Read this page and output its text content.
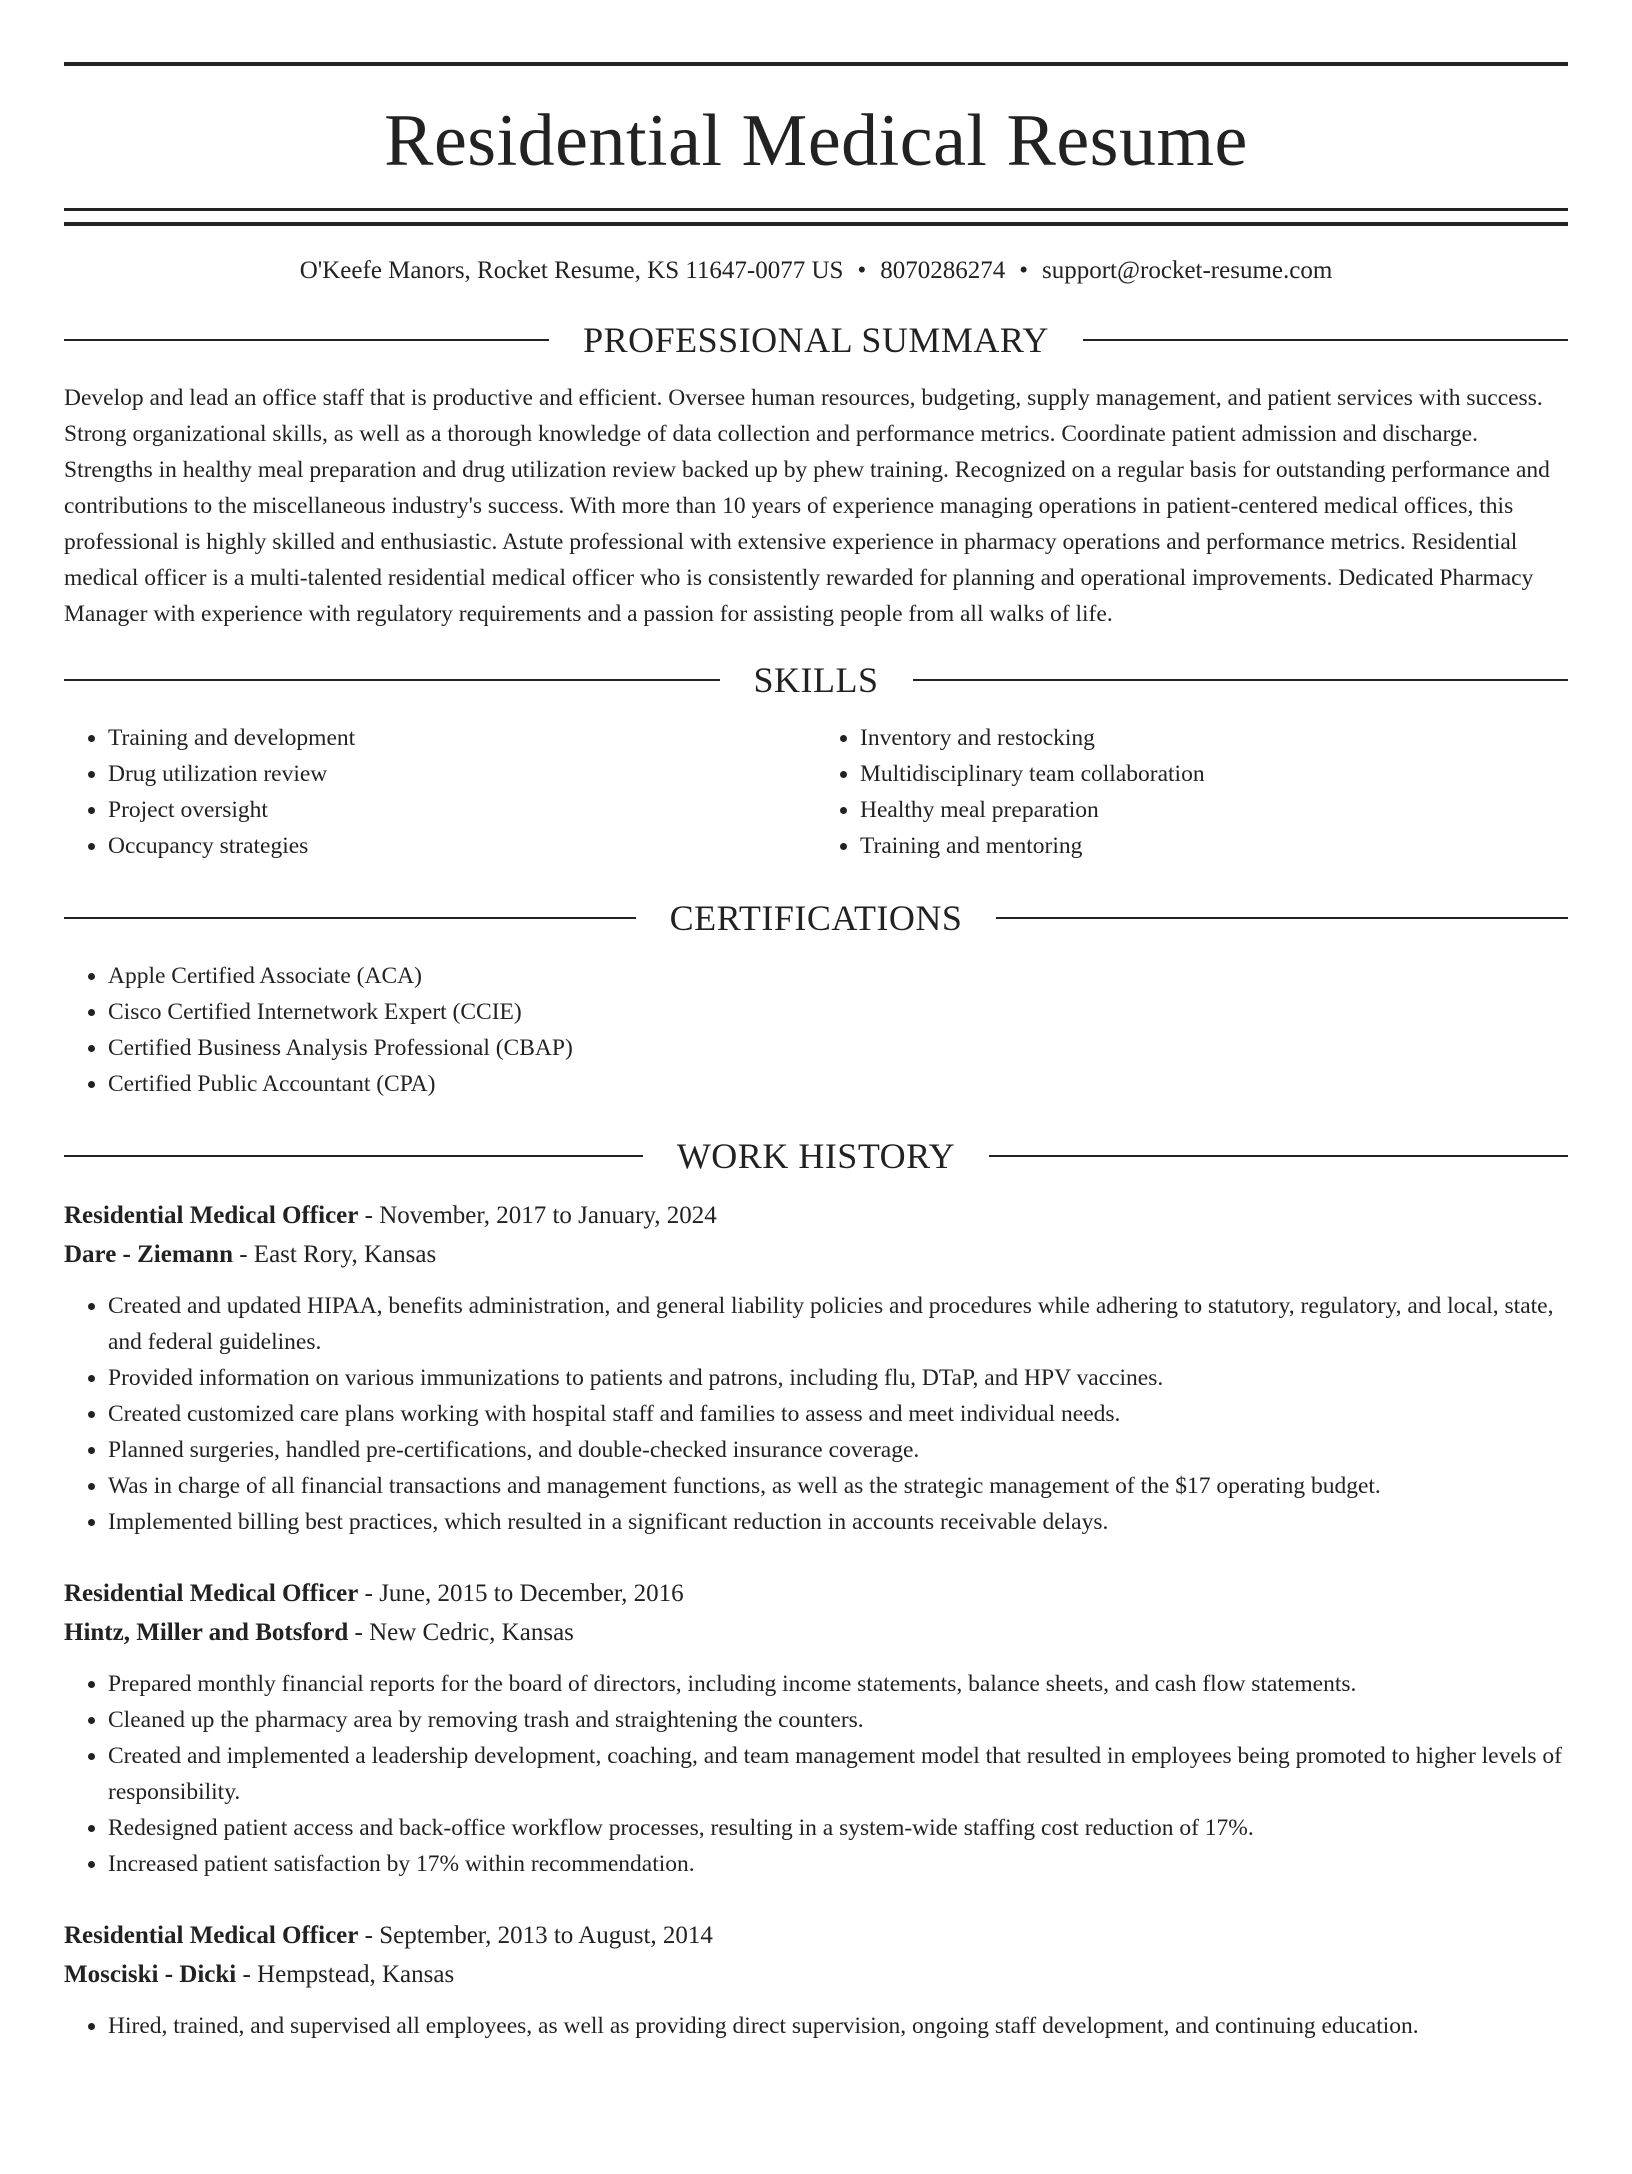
Residential Medical Resume
O'Keefe Manors, Rocket Resume, KS 11647-0077 US • 8070286274 • support@rocket-resume.com
PROFESSIONAL SUMMARY

Develop and lead an office staff that is productive and efficient. Oversee human resources, budgeting, supply management, and patient services with success. Strong organizational skills, as well as a thorough knowledge of data collection and performance metrics. Coordinate patient admission and discharge. Strengths in healthy meal preparation and drug utilization review backed up by phew training. Recognized on a regular basis for outstanding performance and contributions to the miscellaneous industry's success. With more than 10 years of experience managing operations in patient-centered medical offices, this professional is highly skilled and enthusiastic. Astute professional with extensive experience in pharmacy operations and performance metrics. Residential medical officer is a multi-talented residential medical officer who is consistently rewarded for planning and operational improvements. Dedicated Pharmacy Manager with experience with regulatory requirements and a passion for assisting people from all walks of life.

SKILLS
• Training and development
• Drug utilization review
• Project oversight
• Occupancy strategies
• Inventory and restocking
• Multidisciplinary team collaboration
• Healthy meal preparation
• Training and mentoring
CERTIFICATIONS
• Apple Certified Associate (ACA)
• Cisco Certified Internetwork Expert (CCIE)
• Certified Business Analysis Professional (CBAP)
• Certified Public Accountant (CPA)
WORK HISTORY
Residential Medical Officer - November, 2017 to January, 2024
Dare - Ziemann - East Rory, Kansas
• Created and updated HIPAA, benefits administration, and general liability policies and procedures while adhering to statutory, regulatory, and local, state, and federal guidelines.
• Provided information on various immunizations to patients and patrons, including flu, DTaP, and HPV vaccines.
• Created customized care plans working with hospital staff and families to assess and meet individual needs.
• Planned surgeries, handled pre-certifications, and double-checked insurance coverage.
• Was in charge of all financial transactions and management functions, as well as the strategic management of the $17 operating budget.
• Implemented billing best practices, which resulted in a significant reduction in accounts receivable delays.
Residential Medical Officer - June, 2015 to December, 2016
Hintz, Miller and Botsford - New Cedric, Kansas
• Prepared monthly financial reports for the board of directors, including income statements, balance sheets, and cash flow statements.
• Cleaned up the pharmacy area by removing trash and straightening the counters.
• Created and implemented a leadership development, coaching, and team management model that resulted in employees being promoted to higher levels of responsibility.
• Redesigned patient access and back-office workflow processes, resulting in a system-wide staffing cost reduction of 17%.
• Increased patient satisfaction by 17% within recommendation.
Residential Medical Officer - September, 2013 to August, 2014
Mosciski - Dicki - Hempstead, Kansas
• Hired, trained, and supervised all employees, as well as providing direct supervision, ongoing staff development, and continuing education.
